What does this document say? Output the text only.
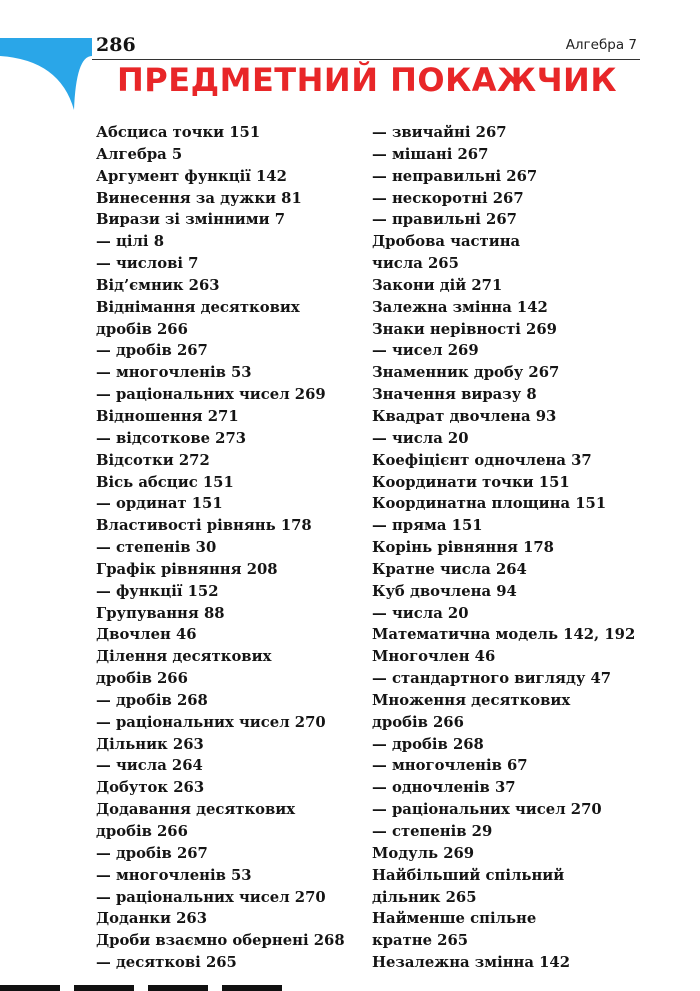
286	Алгебра 7
ПРЕДМЕТНИЙ ПОКАЖЧИК
Абсциса точки 151
Алгебра 5
Аргумент функції 142
Винесення за дужки 81
Вирази зі змінними 7
— цілі 8
— числові 7
Від’ємник 263
Віднімання десяткових
дробів 266
— дробів 267
— многочленів 53
— раціональних чисел 269
Відношення 271
— відсоткове 273
Відсотки 272
Вісь абсцис 151
— ординат 151
Властивості рівнянь 178
— степенів 30
Графік рівняння 208
— функції 152
Групування 88
Двочлен 46
Ділення десяткових
дробів 266
— дробів 268
— раціональних чисел 270
Дільник 263
— числа 264
Добуток 263
Додавання десяткових
дробів 266
— дробів 267
— многочленів 53
— раціональних чисел 270
Доданки 263
Дроби взаємно обернені 268
— десяткові 265
— звичайні 267
— мішані 267
— неправильні 267
— нескоротні 267
— правильні 267
Дробова частина
числа 265
Закони дій 271
Залежна змінна 142
Знаки нерівності 269
— чисел 269
Знаменник дробу 267
Значення виразу 8
Квадрат двочлена 93
— числа 20
Коефіцієнт одночлена 37
Координати точки 151
Координатна площина 151
— пряма 151
Корінь рівняння 178
Кратне числа 264
Куб двочлена 94
— числа 20
Математична модель 142, 192
Многочлен 46
— стандартного вигляду 47
Множення десяткових
дробів 266
— дробів 268
— многочленів 67
— одночленів 37
— раціональних чисел 270
— степенів 29
Модуль 269
Найбільший спільний
дільник 265
Найменше спільне
кратне 265
Незалежна змінна 142
